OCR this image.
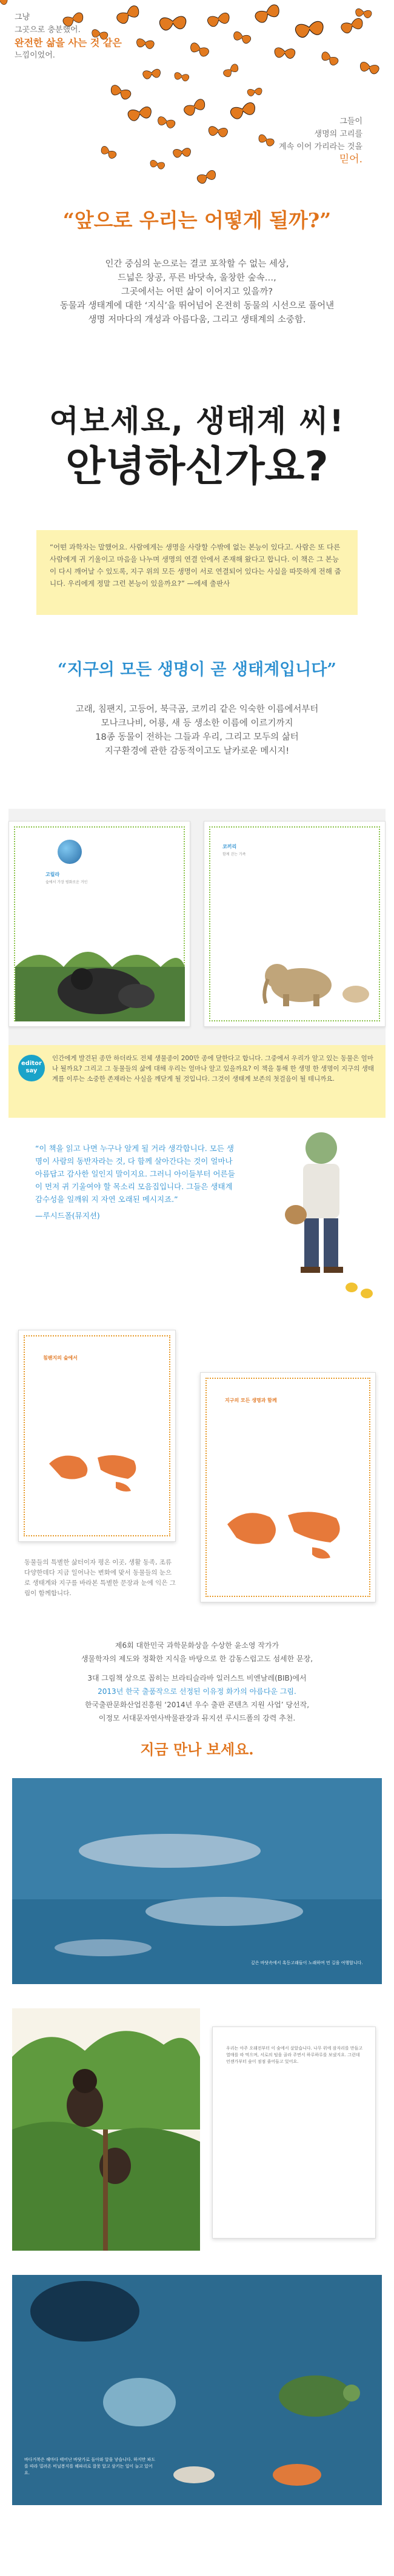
그냥
그곳으로 충분했어.
완전한 삶을 사는 것 같은
느낌이었어.
그들이
생명의 고리를
계속 이어 가리라는 것을
믿어.
“앞으로 우리는 어떻게 될까?”
인간 중심의 눈으로는 결코 포착할 수 없는 세상,
드넓은 창공, 푸른 바닷속, 울창한 숲속…,
그곳에서는 어떤 삶이 이어지고 있을까?
동물과 생태계에 대한 ‘지식’을 뛰어넘어 온전히 동물의 시선으로 풀어낸
생명 저마다의 개성과 아름다움, 그리고 생태계의 소중함.
여보세요, 생태계 씨!
안녕하신가요?
“어떤 과학자는 말했어요. 사람에게는 생명을 사랑할 수밖에 없는 본능이 있다고. 사람은 또 다른 사람에게 귀 기울이고 마음을 나누며 생명의 연결 안에서 존재해 왔다고 합니다. 이 책은 그 본능이 다시 깨어날 수 있도록, 지구 위의 모든 생명이 서로 연결되어 있다는 사실을 따뜻하게 전해 줍니다. 우리에게 정말 그런 본능이 있을까요?” —에세 출판사
“지구의 모든 생명이 곧 생태계입니다”
고래, 침팬지, 고등어, 북극곰, 코끼리 같은 익숙한 이름에서부터
모나크나비, 어룡, 새 등 생소한 이름에 이르기까지
18종 동물이 전하는 그들과 우리, 그리고 모두의 삶터
지구환경에 관한 감동적이고도 날카로운 메시지!
고릴라
숲에서 가장 평화로운 거인
코끼리
함께 걷는 가족
editor say
인간에게 발견된 종만 하더라도 전체 생물종이 200만 종에 달한다고 합니다. 그중에서 우리가 알고 있는 동물은 얼마나 될까요? 그리고 그 동물들의 삶에 대해 우리는 얼마나 알고 있을까요? 이 책을 통해 한 생명 한 생명이 지구의 생태계를 이루는 소중한 존재라는 사실을 깨닫게 될 것입니다. 그것이 생태계 보존의 첫걸음이 될 테니까요.
“이 책을 읽고 나면 누구나 알게 될 거라 생각합니다. 모든 생명이 사람의 동반자라는 것, 다 함께 살아간다는 것이 얼마나 아름답고 감사한 일인지 말이지요. 그러니 아이들부터 어른들이 먼저 귀 기울여야 할 목소리 모음집입니다. 그들은 생태계 감수성을 일깨워 지 자연 오래된 메시지죠.”
—루시드폴(뮤지션)
침팬지의 숲에서
지구의 모든 생명과 함께
동물들의 특별한 삶터이자 평온 이곳, 생활 동족, 조류다양한데다 지금 일어나는 변화에 맞서 동물들의 눈으로 생태계와 지구를 바라본 특별한 문장과 눈에 익은 그림이 함께합니다.
제6회 대한민국 과학문화상을 수상한 윤소영 작가가
생물학자의 제도와 정확한 지식을 바탕으로 한 감동스럽고도 섬세한 문장,
3대 그림책 상으로 꼽히는 브라티슬라바 일러스트 비엔날레(BIB)에서
2013년 한국 출품작으로 선정된 이유정 화가의 아름다운 그림.
한국출판문화산업진흥원 ‘2014년 우수 출판 콘텐츠 지원 사업’ 당선작,
이정모 서대문자연사박물관장과 뮤지션 루시드폴의 강력 추천.
지금 만나 보세요.
깊은 바닷속에서 혹등고래들이 노래하며 먼 길을 여행합니다.
우리는 아주 오래전부터 이 숲에서 살았습니다. 나무 위에 잠자리를 만들고 열매를 따 먹으며, 서로의 털을 골라 주면서 하루하루를 보냈지요. 그런데 언젠가부터 숲이 점점 줄어들고 있어요.
바다거북은 해마다 태어난 바닷가로 돌아와 알을 낳습니다. 하지만 파도를 따라 밀려온 비닐봉지를 해파리로 잘못 알고 삼키는 일이 늘고 있어요.
